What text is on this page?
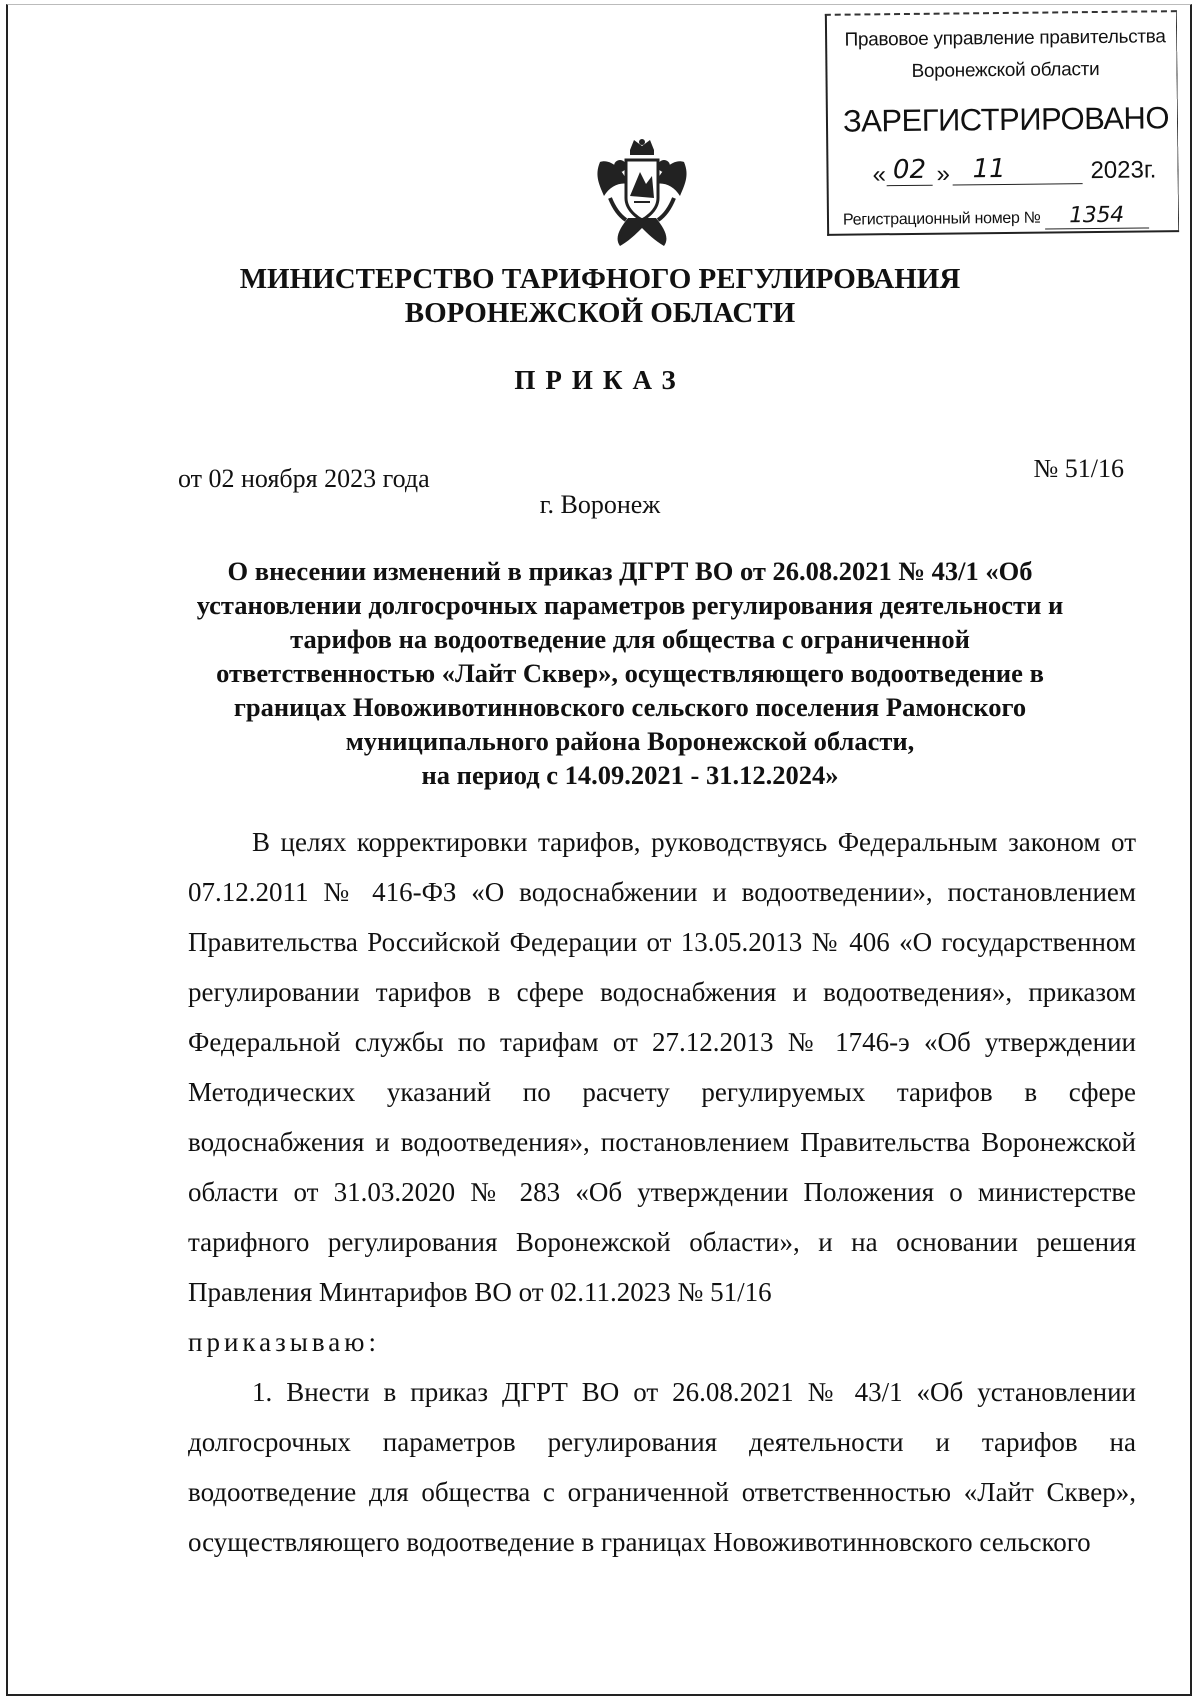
Правовое управление правительства
Воронежской области
ЗАРЕГИСТРИРОВАНО
« 02 » 11	2023г.
Регистрационный номер № 1354
МИНИСТЕРСТВО ТАРИФНОГО РЕГУЛИРОВАНИЯ
ВОРОНЕЖСКОЙ ОБЛАСТИ
ПРИКАЗ
от 02 ноября 2023 года	№ 51/16
г. Воронеж
О внесении изменений в приказ ДГРТ ВО от 26.08.2021 № 43/1 «Об
установлении долгосрочных параметров регулирования деятельности и
тарифов на водоотведение для общества с ограниченной
ответственностью «Лайт Сквер», осуществляющего водоотведение в
границах Новоживотинновского сельского поселения Рамонского
муниципального района Воронежской области,
на период с 14.09.2021 - 31.12.2024»

В целях корректировки тарифов, руководствуясь Федеральным законом от 07.12.2011 № 416-ФЗ «О водоснабжении и водоотведении», постановлением Правительства Российской Федерации от 13.05.2013 № 406 «О государственном регулировании тарифов в сфере водоснабжения и водоотведения», приказом Федеральной службы по тарифам от 27.12.2013 № 1746-э «Об утверждении Методических указаний по расчету регулируемых тарифов в сфере водоснабжения и водоотведения», постановлением Правительства Воронежской области от 31.03.2020 № 283 «Об утверждении Положения о министерстве тарифного регулирования Воронежской области», и на основании решения Правления Минтарифов ВО от 02.11.2023 № 51/16

приказываю:

1. Внести в приказ ДГРТ ВО от 26.08.2021 № 43/1 «Об установлении долгосрочных параметров регулирования деятельности и тарифов на водоотведение для общества с ограниченной ответственностью «Лайт Сквер», осуществляющего водоотведение в границах Новоживотинновского сельского
